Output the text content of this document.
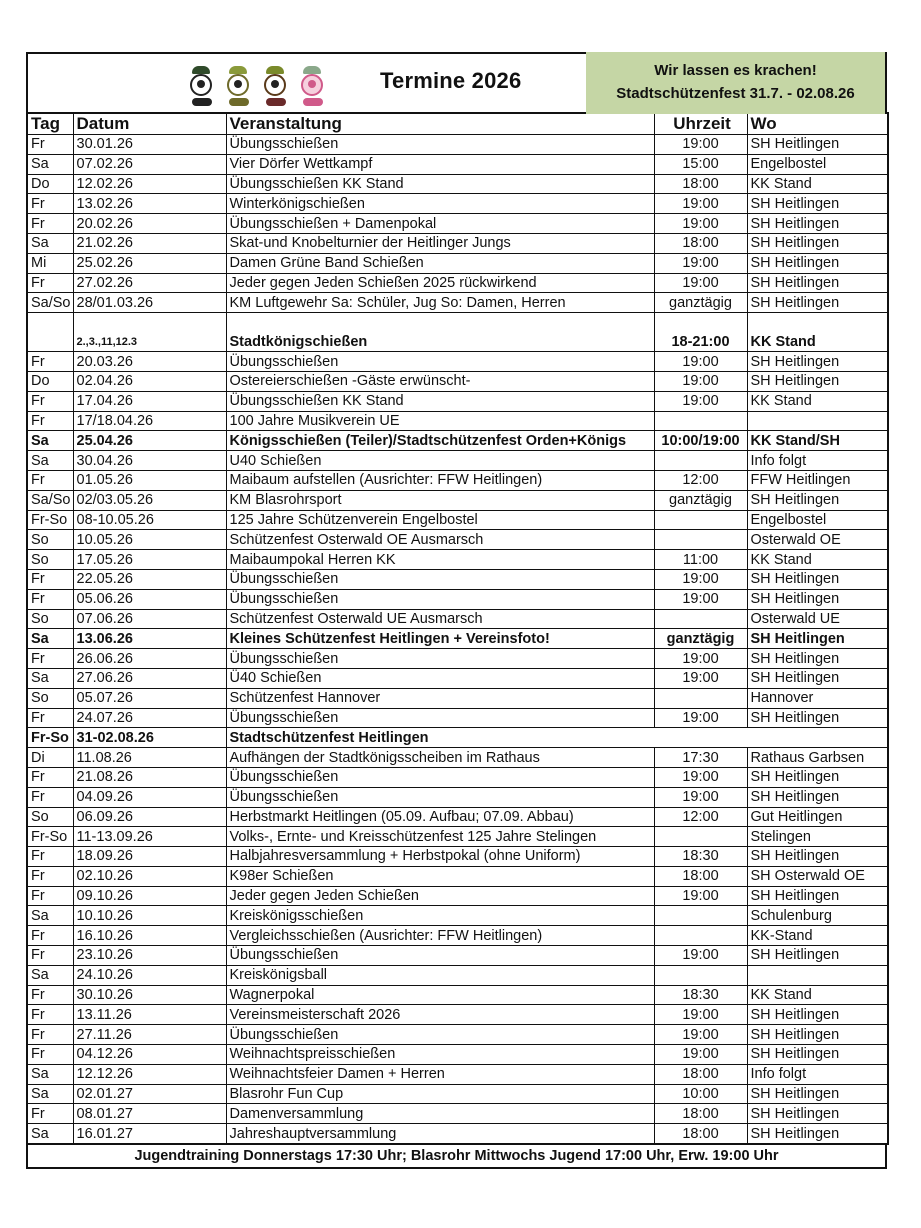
Termine 2026	Wir lassen es krachen!
Stadtschützenfest 31.7. - 02.08.26
Tag	Datum	Veranstaltung	Uhrzeit	Wo
Fr	30.01.26	Übungsschießen	19:00	SH Heitlingen
Sa	07.02.26	Vier Dörfer Wettkampf	15:00	Engelbostel
Do	12.02.26	Übungsschießen KK Stand	18:00	KK Stand
Fr	13.02.26	Winterkönigschießen	19:00	SH Heitlingen
Fr	20.02.26	Übungsschießen + Damenpokal	19:00	SH Heitlingen
Sa	21.02.26	Skat-und Knobelturnier der Heitlinger Jungs	18:00	SH Heitlingen
Mi	25.02.26	Damen Grüne Band Schießen	19:00	SH Heitlingen
Fr	27.02.26	Jeder gegen Jeden Schießen 2025 rückwirkend	19:00	SH Heitlingen
Sa/So	28/01.03.26	KM Luftgewehr Sa: Schüler, Jug So: Damen, Herren	ganztägig	SH Heitlingen
	2.,3.,11,12.3	Stadtkönigschießen	18-21:00	KK Stand
Fr	20.03.26	Übungsschießen	19:00	SH Heitlingen
Do	02.04.26	Ostereierschießen -Gäste erwünscht-	19:00	SH Heitlingen
Fr	17.04.26	Übungsschießen KK Stand	19:00	KK Stand
Fr	17/18.04.26	100 Jahre Musikverein UE		
Sa	25.04.26	Königsschießen (Teiler)/Stadtschützenfest Orden+Königs	10:00/19:00	KK Stand/SH
Sa	30.04.26	U40 Schießen		Info folgt
Fr	01.05.26	Maibaum aufstellen (Ausrichter: FFW Heitlingen)	12:00	FFW Heitlingen
Sa/So	02/03.05.26	KM Blasrohrsport	ganztägig	SH Heitlingen
Fr-So	08-10.05.26	125 Jahre Schützenverein Engelbostel		Engelbostel
So	10.05.26	Schützenfest Osterwald OE Ausmarsch		Osterwald OE
So	17.05.26	Maibaumpokal Herren KK	11:00	KK Stand
Fr	22.05.26	Übungsschießen	19:00	SH Heitlingen
Fr	05.06.26	Übungsschießen	19:00	SH Heitlingen
So	07.06.26	Schützenfest Osterwald UE Ausmarsch		Osterwald UE
Sa	13.06.26	Kleines Schützenfest Heitlingen + Vereinsfoto!	ganztägig	SH Heitlingen
Fr	26.06.26	Übungsschießen	19:00	SH Heitlingen
Sa	27.06.26	Ü40 Schießen	19:00	SH Heitlingen
So	05.07.26	Schützenfest Hannover		Hannover
Fr	24.07.26	Übungsschießen	19:00	SH Heitlingen
Fr-So	31-02.08.26	Stadtschützenfest Heitlingen		
Di	11.08.26	Aufhängen der Stadtkönigsscheiben im Rathaus	17:30	Rathaus Garbsen
Fr	21.08.26	Übungsschießen	19:00	SH Heitlingen
Fr	04.09.26	Übungsschießen	19:00	SH Heitlingen
So	06.09.26	Herbstmarkt Heitlingen (05.09. Aufbau; 07.09. Abbau)	12:00	Gut Heitlingen
Fr-So	11-13.09.26	Volks-, Ernte- und Kreisschützenfest 125 Jahre Stelingen		Stelingen
Fr	18.09.26	Halbjahresversammlung + Herbstpokal (ohne Uniform)	18:30	SH Heitlingen
Fr	02.10.26	K98er Schießen	18:00	SH Osterwald OE
Fr	09.10.26	Jeder gegen Jeden Schießen	19:00	SH Heitlingen
Sa	10.10.26	Kreiskönigsschießen		Schulenburg
Fr	16.10.26	Vergleichsschießen (Ausrichter: FFW Heitlingen)		KK-Stand
Fr	23.10.26	Übungsschießen	19:00	SH Heitlingen
Sa	24.10.26	Kreiskönigsball		
Fr	30.10.26	Wagnerpokal	18:30	KK Stand
Fr	13.11.26	Vereinsmeisterschaft 2026	19:00	SH Heitlingen
Fr	27.11.26	Übungsschießen	19:00	SH Heitlingen
Fr	04.12.26	Weihnachtspreisschießen	19:00	SH Heitlingen
Sa	12.12.26	Weihnachtsfeier Damen + Herren	18:00	Info folgt
Sa	02.01.27	Blasrohr Fun Cup	10:00	SH Heitlingen
Fr	08.01.27	Damenversammlung	18:00	SH Heitlingen
Sa	16.01.27	Jahreshauptversammlung	18:00	SH Heitlingen
Jugendtraining Donnerstags 17:30 Uhr; Blasrohr Mittwochs Jugend 17:00 Uhr, Erw. 19:00 Uhr
